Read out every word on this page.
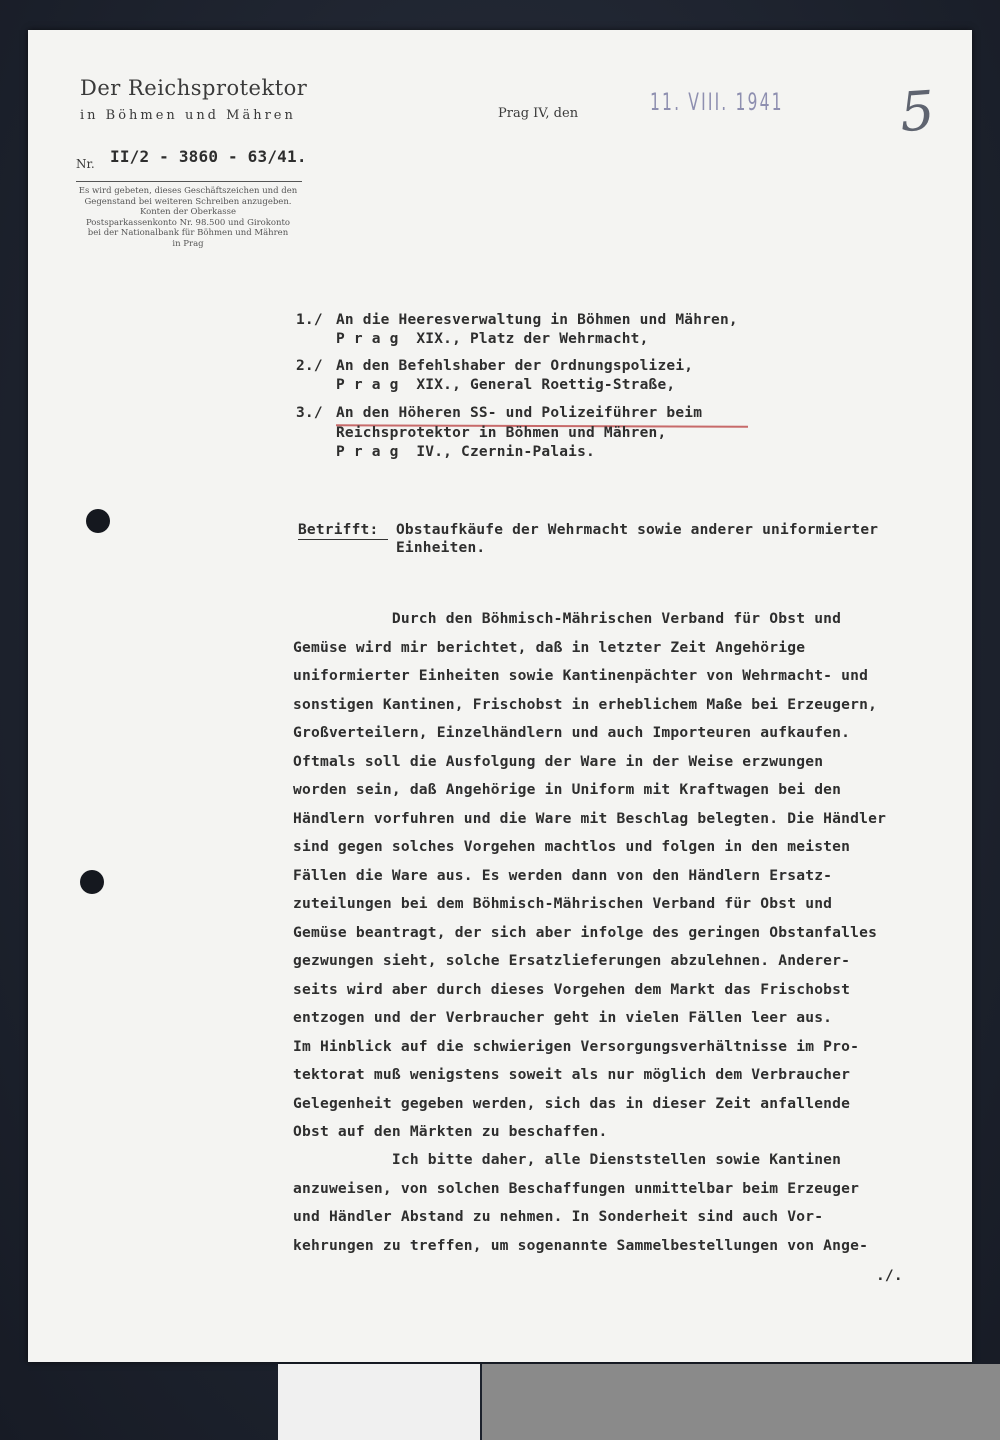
Der Reichsprotektor
in Böhmen und Mähren

Nr.

II/2 - 3860 - 63/41.

Es wird gebeten, dieses Geschäftszeichen und den
Gegenstand bei weiteren Schreiben anzugeben.
Konten der Oberkasse
Postsparkassenkonto Nr. 98.500 und Girokonto
bei der Nationalbank für Böhmen und Mähren
in Prag
Prag IV, den	11. VIII. 1941 5
1./ An die Heeresverwaltung in Böhmen und Mähren,
P r a g  XIX., Platz der Wehrmacht,
2./ An den Befehlshaber der Ordnungspolizei,
P r a g  XIX., General Roettig-Straße,
3./ An den Höheren SS- und Polizeiführer beim
Reichsprotektor in Böhmen und Mähren,
P r a g  IV., Czernin-Palais.
Betrifft: Obstaufkäufe der Wehrmacht sowie anderer uniformierter
Einheiten.
Durch den Böhmisch-Mährischen Verband für Obst und
Gemüse wird mir berichtet, daß in letzter Zeit Angehörige
uniformierter Einheiten sowie Kantinenpächter von Wehrmacht- und
sonstigen Kantinen, Frischobst in erheblichem Maße bei Erzeugern,
Großverteilern, Einzelhändlern und auch Importeuren aufkaufen.
Oftmals soll die Ausfolgung der Ware in der Weise erzwungen
worden sein, daß Angehörige in Uniform mit Kraftwagen bei den
Händlern vorfuhren und die Ware mit Beschlag belegten. Die Händler
sind gegen solches Vorgehen machtlos und folgen in den meisten
Fällen die Ware aus. Es werden dann von den Händlern Ersatz-
zuteilungen bei dem Böhmisch-Mährischen Verband für Obst und
Gemüse beantragt, der sich aber infolge des geringen Obstanfalles
gezwungen sieht, solche Ersatzlieferungen abzulehnen. Anderer-
seits wird aber durch dieses Vorgehen dem Markt das Frischobst
entzogen und der Verbraucher geht in vielen Fällen leer aus.
Im Hinblick auf die schwierigen Versorgungsverhältnisse im Pro-
tektorat muß wenigstens soweit als nur möglich dem Verbraucher
Gelegenheit gegeben werden, sich das in dieser Zeit anfallende
Obst auf den Märkten zu beschaffen.
Ich bitte daher, alle Dienststellen sowie Kantinen
anzuweisen, von solchen Beschaffungen unmittelbar beim Erzeuger
und Händler Abstand zu nehmen. In Sonderheit sind auch Vor-
kehrungen zu treffen, um sogenannte Sammelbestellungen von Ange-
./.
